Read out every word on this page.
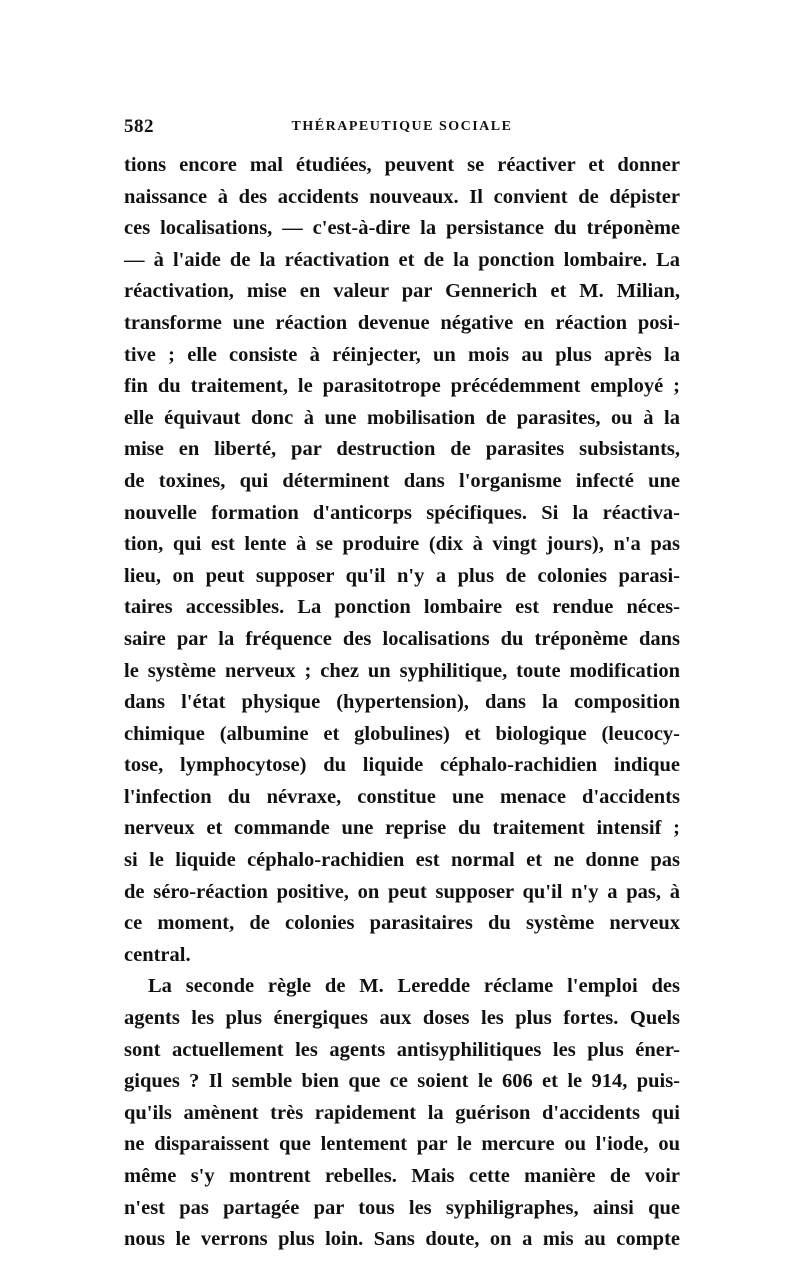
582	THÉRAPEUTIQUE SOCIALE
tions encore mal étudiées, peuvent se réactiver et donner
naissance à des accidents nouveaux. Il convient de dépister
ces localisations, — c'est-à-dire la persistance du tréponème
— à l'aide de la réactivation et de la ponction lombaire. La
réactivation, mise en valeur par Gennerich et M. Milian,
transforme une réaction devenue négative en réaction posi-
tive ; elle consiste à réinjecter, un mois au plus après la
fin du traitement, le parasitotrope précédemment employé ;
elle équivaut donc à une mobilisation de parasites, ou à la
mise en liberté, par destruction de parasites subsistants,
de toxines, qui déterminent dans l'organisme infecté une
nouvelle formation d'anticorps spécifiques. Si la réactiva-
tion, qui est lente à se produire (dix à vingt jours), n'a pas
lieu, on peut supposer qu'il n'y a plus de colonies parasi-
taires accessibles. La ponction lombaire est rendue néces-
saire par la fréquence des localisations du tréponème dans
le système nerveux ; chez un syphilitique, toute modification
dans l'état physique (hypertension), dans la composition
chimique (albumine et globulines) et biologique (leucocy-
tose, lymphocytose) du liquide céphalo-rachidien indique
l'infection du névraxe, constitue une menace d'accidents
nerveux et commande une reprise du traitement intensif ;
si le liquide céphalo-rachidien est normal et ne donne pas
de séro-réaction positive, on peut supposer qu'il n'y a pas, à
ce moment, de colonies parasitaires du système nerveux
central.
La seconde règle de M. Leredde réclame l'emploi des
agents les plus énergiques aux doses les plus fortes. Quels
sont actuellement les agents antisyphilitiques les plus éner-
giques ? Il semble bien que ce soient le 606 et le 914, puis-
qu'ils amènent très rapidement la guérison d'accidents qui
ne disparaissent que lentement par le mercure ou l'iode, ou
même s'y montrent rebelles. Mais cette manière de voir
n'est pas partagée par tous les syphiligraphes, ainsi que
nous le verrons plus loin. Sans doute, on a mis au compte
